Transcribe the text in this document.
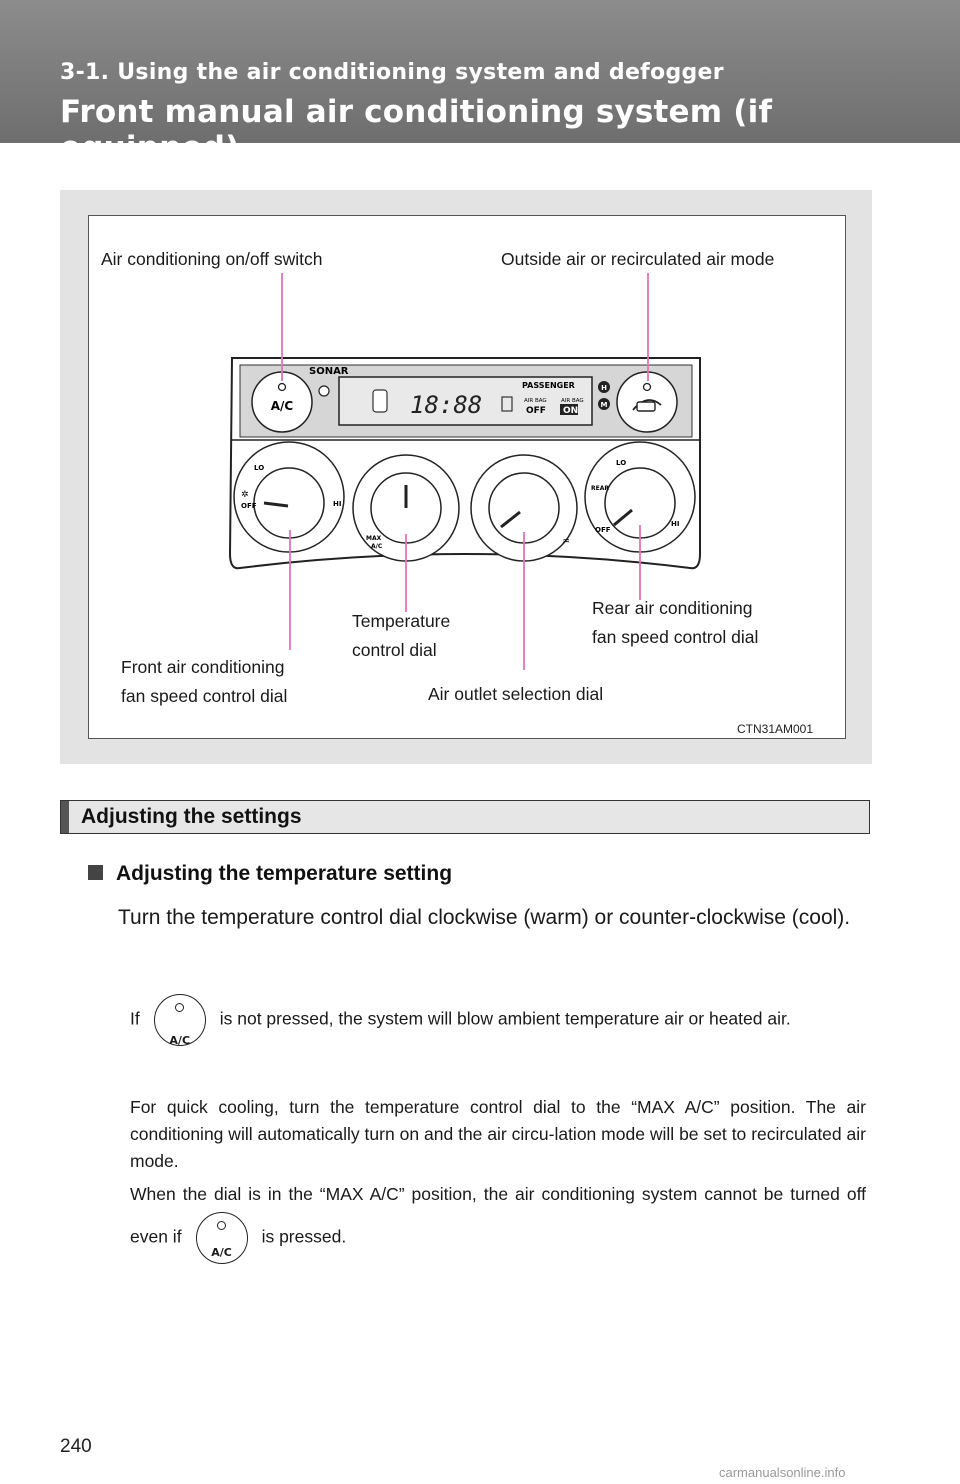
3-1. Using the air conditioning system and defogger
Front manual air conditioning system (if equipped)
A/C
SONAR
18:88
PASSENGER
AIR BAG
OFF
AIR BAG
ON
H
M
LO
HI
OFF
✲
MAX
A/C	♒
LO
HI
REAR
OFF
Air conditioning on/off switch	Outside air or recirculated air mode
Temperature
control dial
Rear air conditioning
fan speed control dial
Front air conditioning
fan speed control dial	Air outlet selection dial
CTN31AM001
Adjusting the settings
Adjusting the temperature setting
Turn the temperature control dial clockwise (warm) or counter-clockwise (cool).
If
A/C
is not pressed, the system will blow ambient temperature air or heated air.
For quick cooling, turn the temperature control dial to the “MAX A/C” position. The air conditioning will automatically turn on and the air circu-lation mode will be set to recirculated air mode.
When the dial is in the “MAX A/C” position, the air conditioning system cannot be turned off even if
A/C
is pressed.
240
carmanualsonline.info
